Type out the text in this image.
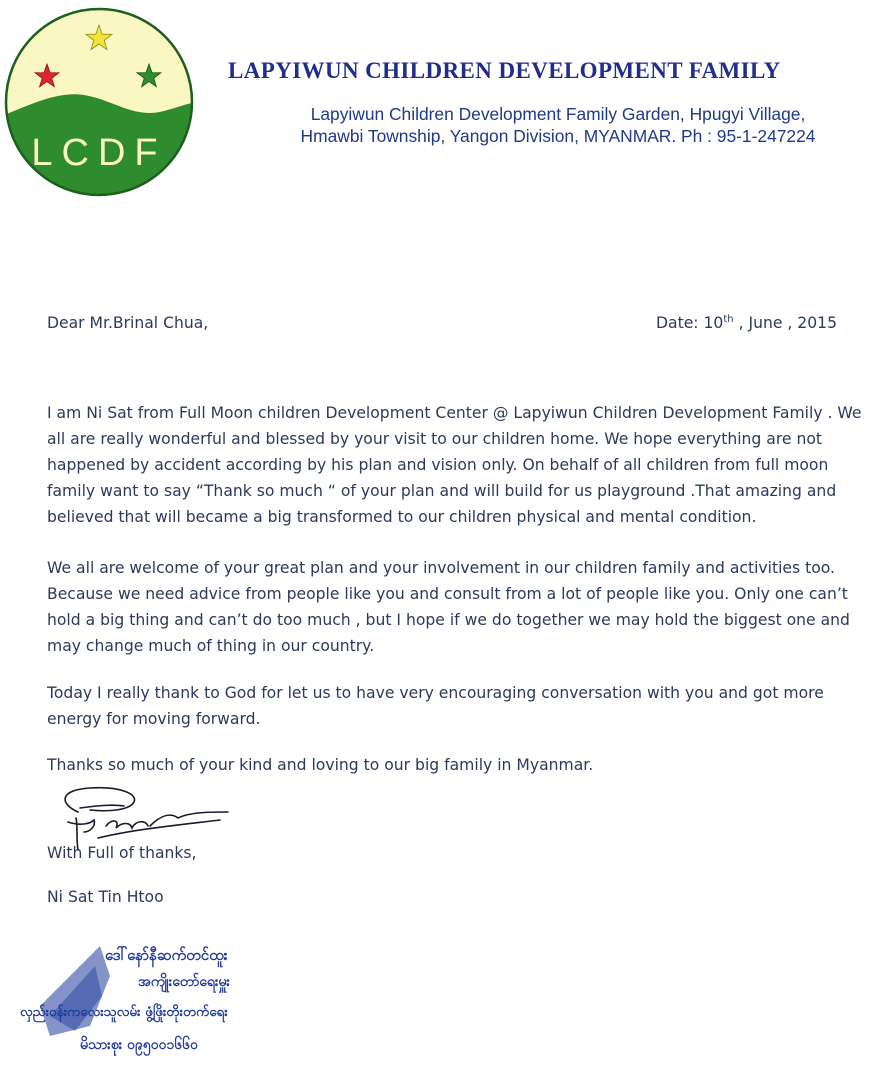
LCDF
LAPYIWUN CHILDREN DEVELOPMENT FAMILY
Lapyiwun Children Development Family Garden, Hpugyi Village,
Hmawbi Township, Yangon Division, MYANMAR. Ph : 95-1-247224
Dear Mr.Brinal Chua,	Date: 10th , June , 2015

I am Ni Sat from Full Moon children Development Center @ Lapyiwun Children Development Family . We all are really wonderful and blessed by your visit to our children home. We hope everything are not happened by accident according by his plan and vision only. On behalf of all children from full moon family want to say “Thank so much “ of your plan and will build for us playground .That amazing and believed that will became a big transformed to our children physical and mental condition.

We all are welcome of your great plan and your involvement in our children family and activities too. Because we need advice from people like you and consult from a lot of people like you. Only one can’t hold a big thing and can’t do too much , but I hope if we do together we may hold the biggest one and may change much of thing in our country.

Today I really thank to God for let us to have very encouraging conversation with you and got more energy for moving forward.

Thanks so much of your kind and loving to our big family in Myanmar.

With Full of thanks,
Ni Sat Tin Htoo
ဒေါ်နော်နီဆက်တင်ထူး
အကျိုးတော်ရေးမှူး
လှည်းဝန်းကလေးသူလမ်း ဖွံ့ဖြိုးတိုးတက်ရေး
မိသားစုး ၀၉၅၀၀၁၆၆၀
